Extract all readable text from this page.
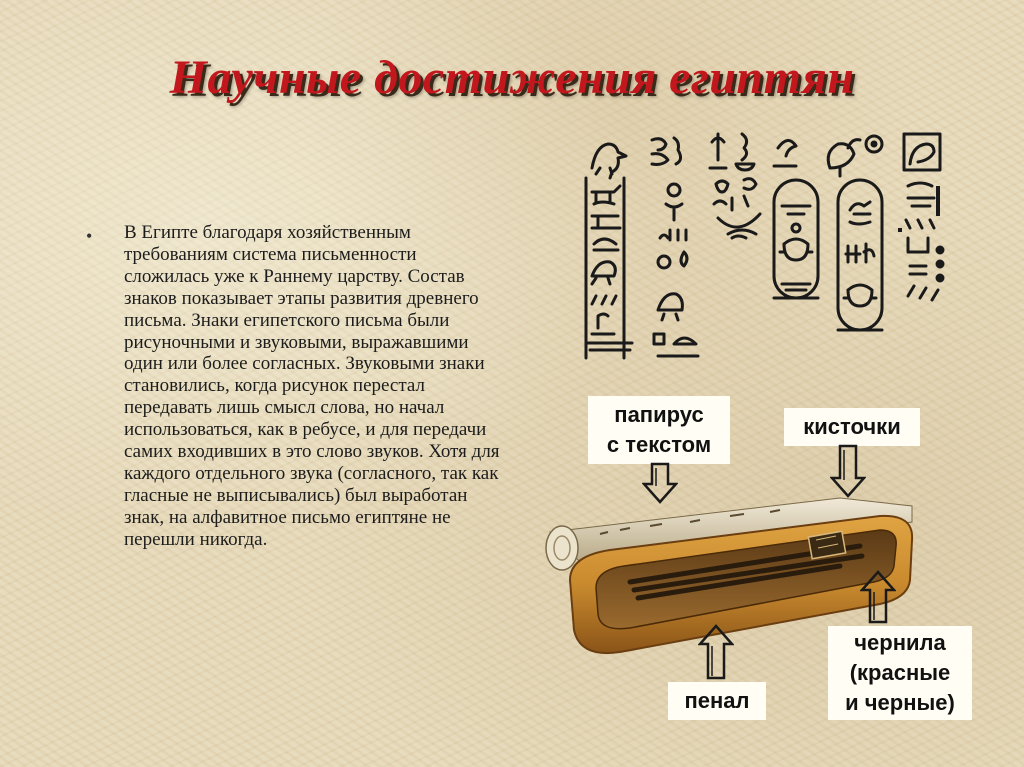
Научные достижения египтян
• В Египте благодаря хозяйственным требованиям система письменности сложилась уже к Раннему царству. Состав знаков показывает этапы развития древнего письма. Знаки египетского письма были рисуночными и звуковыми, выражавшими один или более согласных. Звуковыми знаки становились, когда рисунок перестал передавать лишь смысл слова, но начал использоваться, как в ребусе, и для передачи самих входивших в это слово звуков. Хотя для каждого отдельного звука (согласного, так как гласные не выписывались) был выработан знак, на алфавитное письмо египтяне не перешли никогда.
папирус
с текстом
кисточки
пенал
чернила
(красные
и черные)
